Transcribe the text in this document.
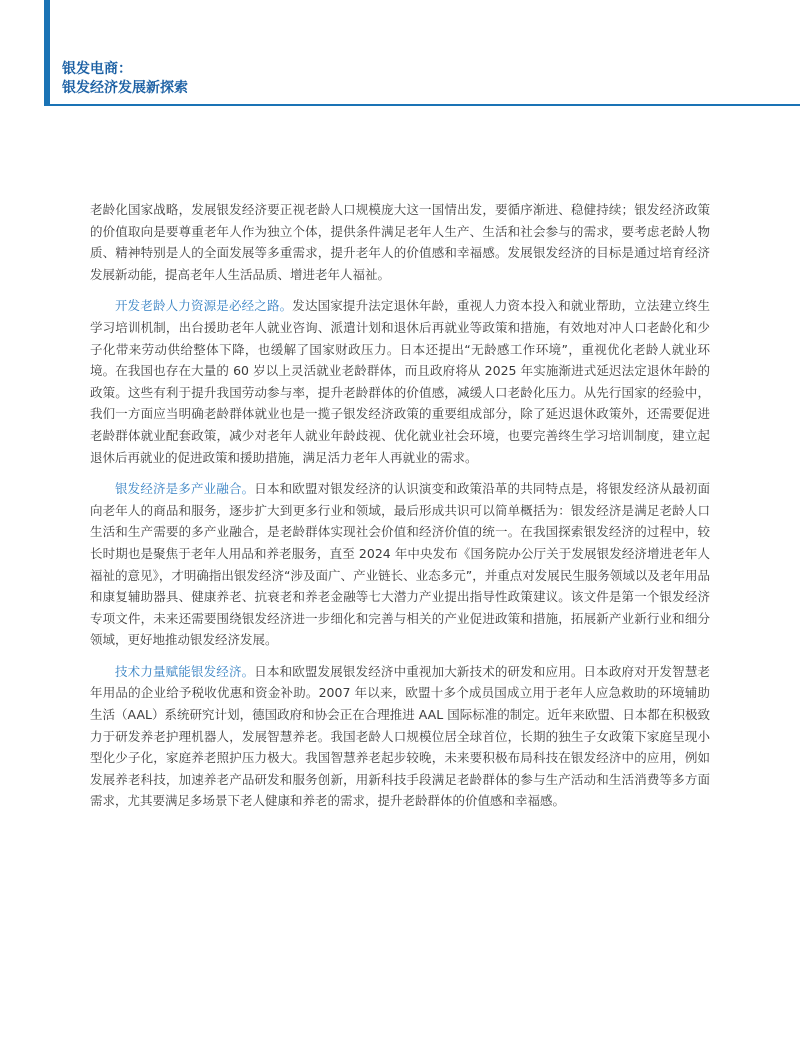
银发电商：
银发经济发展新探索

老龄化国家战略，发展银发经济要正视老龄人口规模庞大这一国情出发，要循序渐进、稳健持续；银发经济政策的价值取向是要尊重老年人作为独立个体，提供条件满足老年人生产、生活和社会参与的需求，要考虑老龄人物质、精神特别是人的全面发展等多重需求，提升老年人的价值感和幸福感。发展银发经济的目标是通过培育经济发展新动能，提高老年人生活品质、增进老年人福祉。

开发老龄人力资源是必经之路。发达国家提升法定退休年龄，重视人力资本投入和就业帮助，立法建立终生学习培训机制，出台援助老年人就业咨询、派遣计划和退休后再就业等政策和措施，有效地对冲人口老龄化和少子化带来劳动供给整体下降，也缓解了国家财政压力。日本还提出“无龄感工作环境”，重视优化老龄人就业环境。在我国也存在大量的 60 岁以上灵活就业老龄群体，而且政府将从 2025 年实施渐进式延迟法定退休年龄的政策。这些有利于提升我国劳动参与率，提升老龄群体的价值感，减缓人口老龄化压力。从先行国家的经验中，我们一方面应当明确老龄群体就业也是一揽子银发经济政策的重要组成部分，除了延迟退休政策外，还需要促进老龄群体就业配套政策，减少对老年人就业年龄歧视、优化就业社会环境，也要完善终生学习培训制度，建立起退休后再就业的促进政策和援助措施，满足活力老年人再就业的需求。

银发经济是多产业融合。日本和欧盟对银发经济的认识演变和政策沿革的共同特点是，将银发经济从最初面向老年人的商品和服务，逐步扩大到更多行业和领域，最后形成共识可以简单概括为：银发经济是满足老龄人口生活和生产需要的多产业融合，是老龄群体实现社会价值和经济价值的统一。在我国探索银发经济的过程中，较长时期也是聚焦于老年人用品和养老服务，直至 2024 年中央发布《国务院办公厅关于发展银发经济增进老年人福祉的意见》，才明确指出银发经济“涉及面广、产业链长、业态多元”，并重点对发展民生服务领域以及老年用品和康复辅助器具、健康养老、抗衰老和养老金融等七大潜力产业提出指导性政策建议。该文件是第一个银发经济专项文件，未来还需要围绕银发经济进一步细化和完善与相关的产业促进政策和措施，拓展新产业新行业和细分领域，更好地推动银发经济发展。

技术力量赋能银发经济。日本和欧盟发展银发经济中重视加大新技术的研发和应用。日本政府对开发智慧老年用品的企业给予税收优惠和资金补助。2007 年以来，欧盟十多个成员国成立用于老年人应急救助的环境辅助生活（AAL）系统研究计划，德国政府和协会正在合理推进 AAL 国际标准的制定。近年来欧盟、日本都在积极致力于研发养老护理机器人，发展智慧养老。我国老龄人口规模位居全球首位，长期的独生子女政策下家庭呈现小型化少子化，家庭养老照护压力极大。我国智慧养老起步较晚，未来要积极布局科技在银发经济中的应用，例如发展养老科技，加速养老产品研发和服务创新，用新科技手段满足老龄群体的参与生产活动和生活消费等多方面需求，尤其要满足多场景下老人健康和养老的需求，提升老龄群体的价值感和幸福感。
